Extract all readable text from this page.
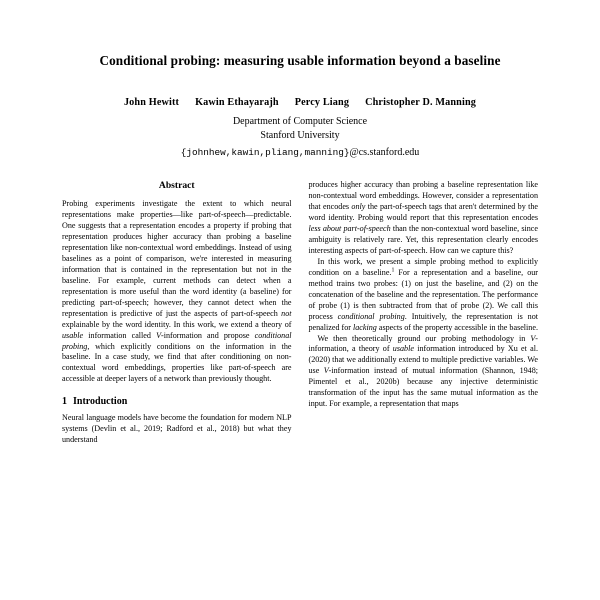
Conditional probing: measuring usable information beyond a baseline
John Hewitt Kawin Ethayarajh Percy Liang Christopher D. Manning
Department of Computer Science
Stanford University
{johnhew,kawin,pliang,manning}@cs.stanford.edu
Abstract

Probing experiments investigate the extent to which neural representations make properties—like part-of-speech—predictable. One suggests that a representation encodes a property if probing that representation produces higher accuracy than probing a baseline representation like non-contextual word embeddings. Instead of using baselines as a point of comparison, we're interested in measuring information that is contained in the representation but not in the baseline. For example, current methods can detect when a representation is more useful than the word identity (a baseline) for predicting part-of-speech; however, they cannot detect when the representation is predictive of just the aspects of part-of-speech not explainable by the word identity. In this work, we extend a theory of usable information called V-information and propose conditional probing, which explicitly conditions on the information in the baseline. In a case study, we find that after conditioning on non-contextual word embeddings, properties like part-of-speech are accessible at deeper layers of a network than previously thought.

1 Introduction

Neural language models have become the foundation for modern NLP systems (Devlin et al., 2019; Radford et al., 2018) but what they understand

produces higher accuracy than probing a baseline representation like non-contextual word embeddings. However, consider a representation that encodes only the part-of-speech tags that aren't determined by the word identity. Probing would report that this representation encodes less about part-of-speech than the non-contextual word baseline, since ambiguity is relatively rare. Yet, this representation clearly encodes interesting aspects of part-of-speech. How can we capture this?

In this work, we present a simple probing method to explicitly condition on a baseline.$^1$ For a representation and a baseline, our method trains two probes: (1) on just the baseline, and (2) on the concatenation of the baseline and the representation. The performance of probe (1) is then subtracted from that of probe (2). We call this process conditional probing. Intuitively, the representation is not penalized for lacking aspects of the property accessible in the baseline.

We then theoretically ground our probing methodology in V-information, a theory of usable information introduced by Xu et al. (2020) that we additionally extend to multiple predictive variables. We use V-information instead of mutual information (Shannon, 1948; Pimentel et al., 2020b) because any injective deterministic transformation of the input has the same mutual information as the input. For example, a representation that maps
